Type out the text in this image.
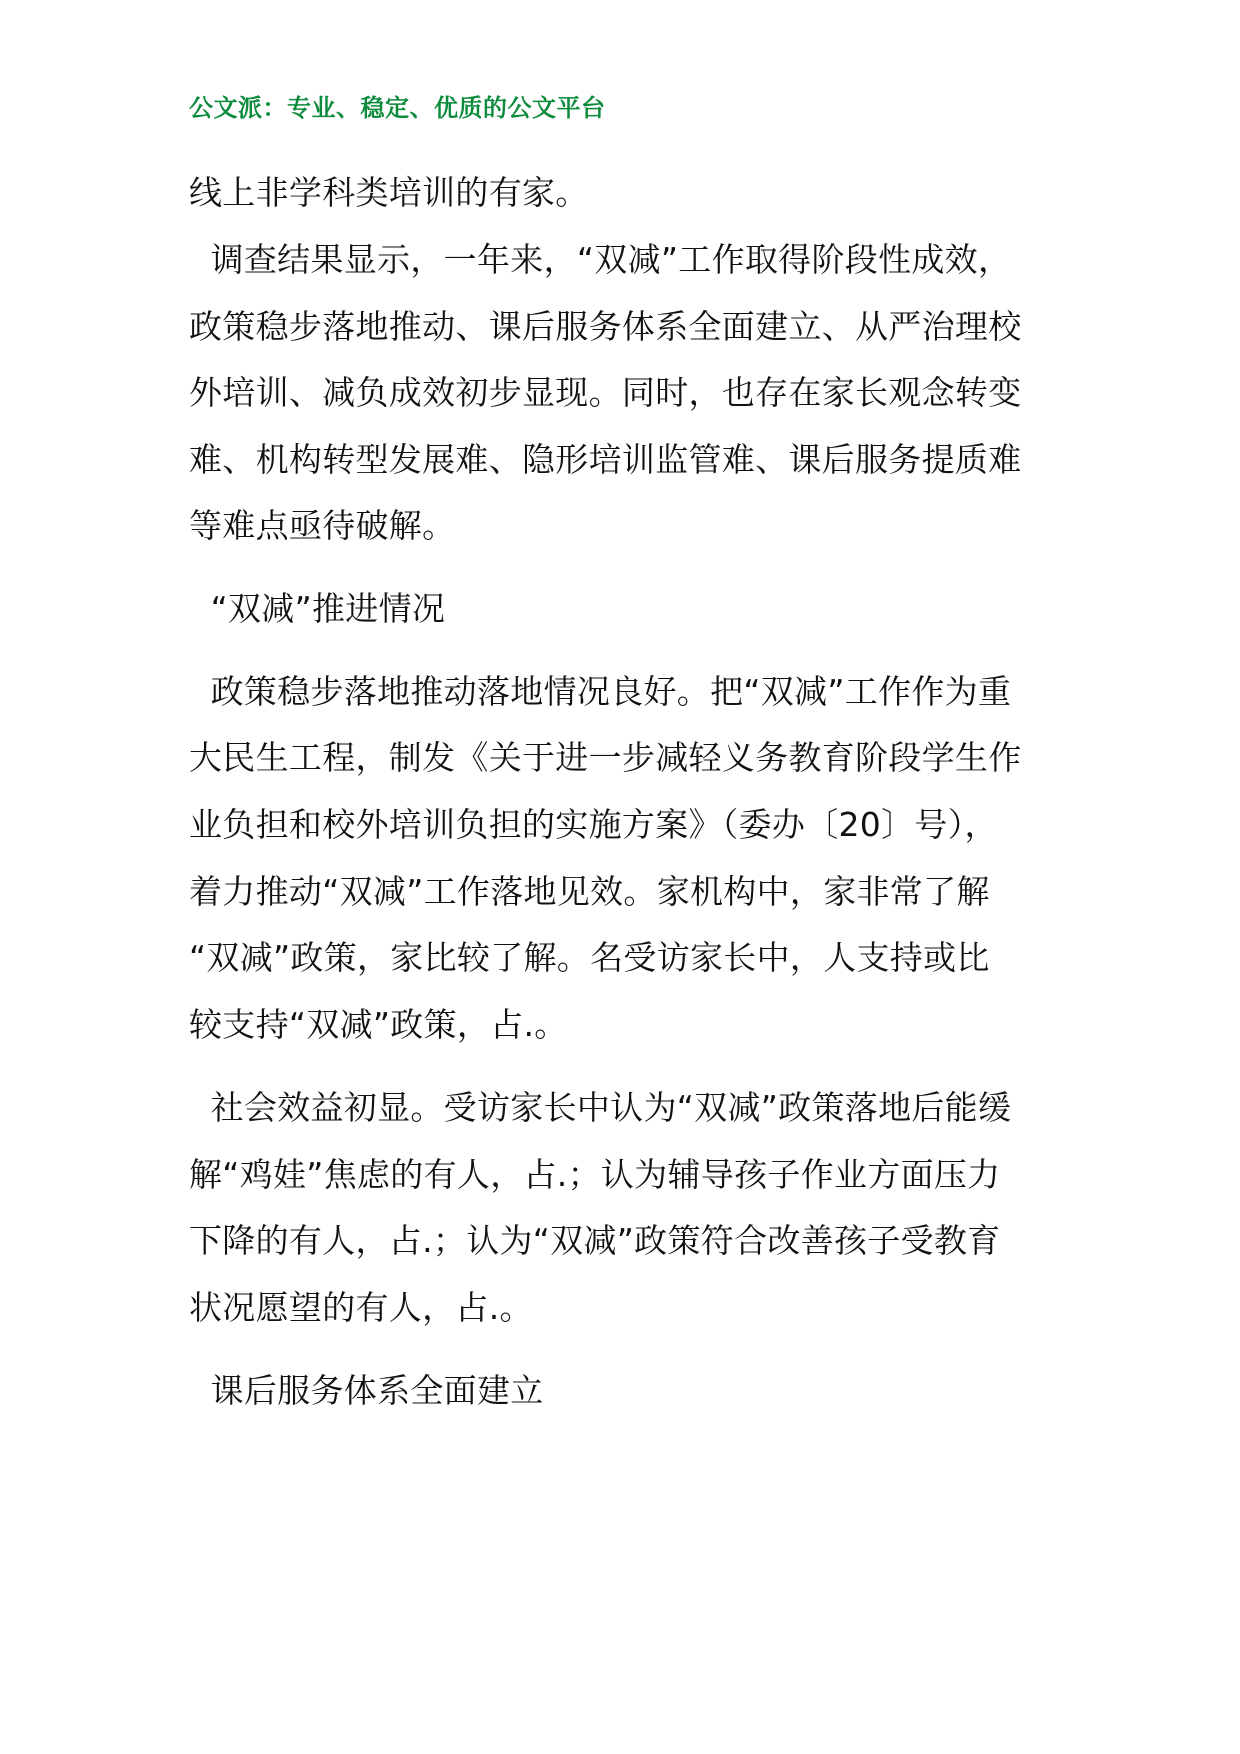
公文派：专业、稳定、优质的公文平台
线上非学科类培训的有家。
调查结果显示，一年来，“双减”工作取得阶段性成效，
政策稳步落地推动、课后服务体系全面建立、从严治理校
外培训、减负成效初步显现。同时，也存在家长观念转变
难、机构转型发展难、隐形培训监管难、课后服务提质难
等难点亟待破解。
“双减”推进情况
政策稳步落地推动落地情况良好。把“双减”工作作为重
大民生工程，制发《关于进一步减轻义务教育阶段学生作
业负担和校外培训负担的实施方案》（委办〔20〕号），
着力推动“双减”工作落地见效。家机构中，家非常了解
“双减”政策，家比较了解。名受访家长中，人支持或比
较支持“双减”政策，占.。
社会效益初显。受访家长中认为“双减”政策落地后能缓
解“鸡娃”焦虑的有人，占.；认为辅导孩子作业方面压力
下降的有人，占.；认为“双减”政策符合改善孩子受教育
状况愿望的有人，占.。
课后服务体系全面建立
